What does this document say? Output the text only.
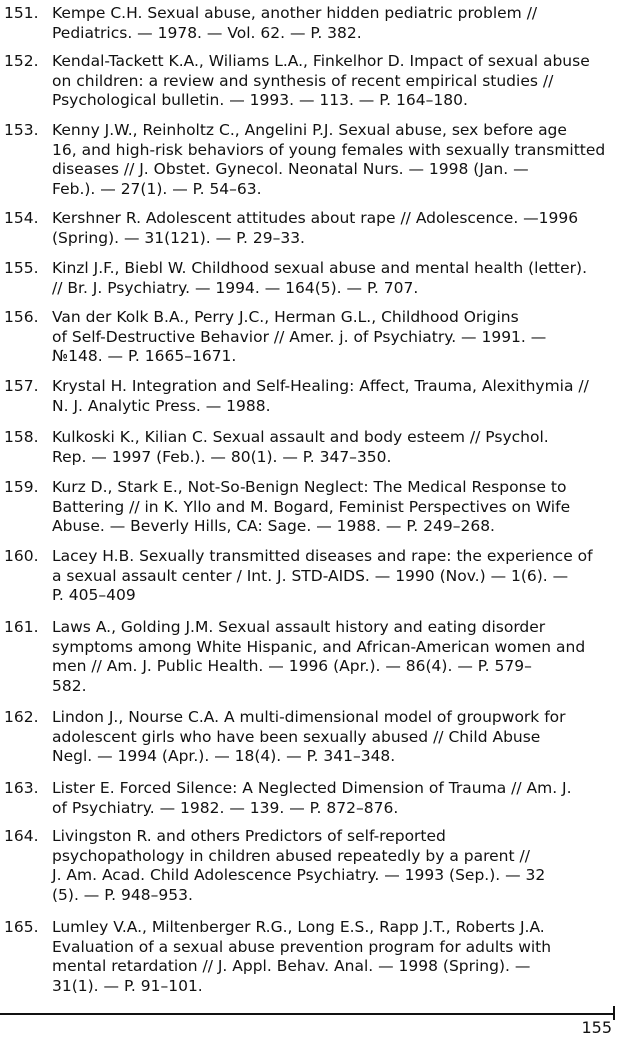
151. Kempe C.H. Sexual abuse, another hidden pediatric problem //
Pediatrics. — 1978. — Vol. 62. — P. 382.
152. Kendal-Tackett K.A., Wiliams L.A., Finkelhor D. Impact of sexual abuse
on children: a review and synthesis of recent empirical studies //
Psychological bulletin. — 1993. — 113. — P. 164–180.
153. Kenny J.W., Reinholtz C., Angelini P.J. Sexual abuse, sex before age
16, and high-risk behaviors of young females with sexually transmitted
diseases // J. Obstet. Gynecol. Neonatal Nurs. — 1998 (Jan. —
Feb.). — 27(1). — P. 54–63.
154. Kershner R. Adolescent attitudes about rape // Adolescence. —1996
(Spring). — 31(121). — P. 29–33.
155. Kinzl J.F., Biebl W. Childhood sexual abuse and mental health (letter).
// Br. J. Psychiatry. — 1994. — 164(5). — P. 707.
156. Van der Kolk B.A., Perry J.C., Herman G.L., Childhood Origins
of Self-Destructive Behavior // Amer. j. of Psychiatry. — 1991. —
№148. — P. 1665–1671.
157. Krystal H. Integration and Self-Healing: Affect, Trauma, Alexithymia //
N. J. Analytic Press. — 1988.
158. Kulkoski K., Kilian C. Sexual assault and body esteem // Psychol.
Rep. — 1997 (Feb.). — 80(1). — P. 347–350.
159. Kurz D., Stark E., Not-So-Benign Neglect: The Medical Response to
Battering // in K. Yllo and M. Bogard, Feminist Perspectives on Wife
Abuse. — Beverly Hills, CA: Sage. — 1988. — P. 249–268.
160. Lacey H.B. Sexually transmitted diseases and rape: the experience of
a sexual assault center / Int. J. STD-AIDS. — 1990 (Nov.) — 1(6). —
P. 405–409
161. Laws A., Golding J.M. Sexual assault history and eating disorder
symptoms among White Hispanic, and African-American women and
men // Am. J. Public Health. — 1996 (Apr.). — 86(4). — P. 579–
582.
162. Lindon J., Nourse C.A. A multi-dimensional model of groupwork for
adolescent girls who have been sexually abused // Child Abuse
Negl. — 1994 (Apr.). — 18(4). — P. 341–348.
163. Lister E. Forced Silence: A Neglected Dimension of Trauma // Am. J.
of Psychiatry. — 1982. — 139. — P. 872–876.
164. Livingston R. and others Predictors of self-reported
psychopathology in children abused repeatedly by a parent //
J. Am. Acad. Child Adolescence Psychiatry. — 1993 (Sep.). — 32
(5). — P. 948–953.
165. Lumley V.A., Miltenberger R.G., Long E.S., Rapp J.T., Roberts J.A.
Evaluation of a sexual abuse prevention program for adults with
mental retardation // J. Appl. Behav. Anal. — 1998 (Spring). —
31(1). — P. 91–101.
155
